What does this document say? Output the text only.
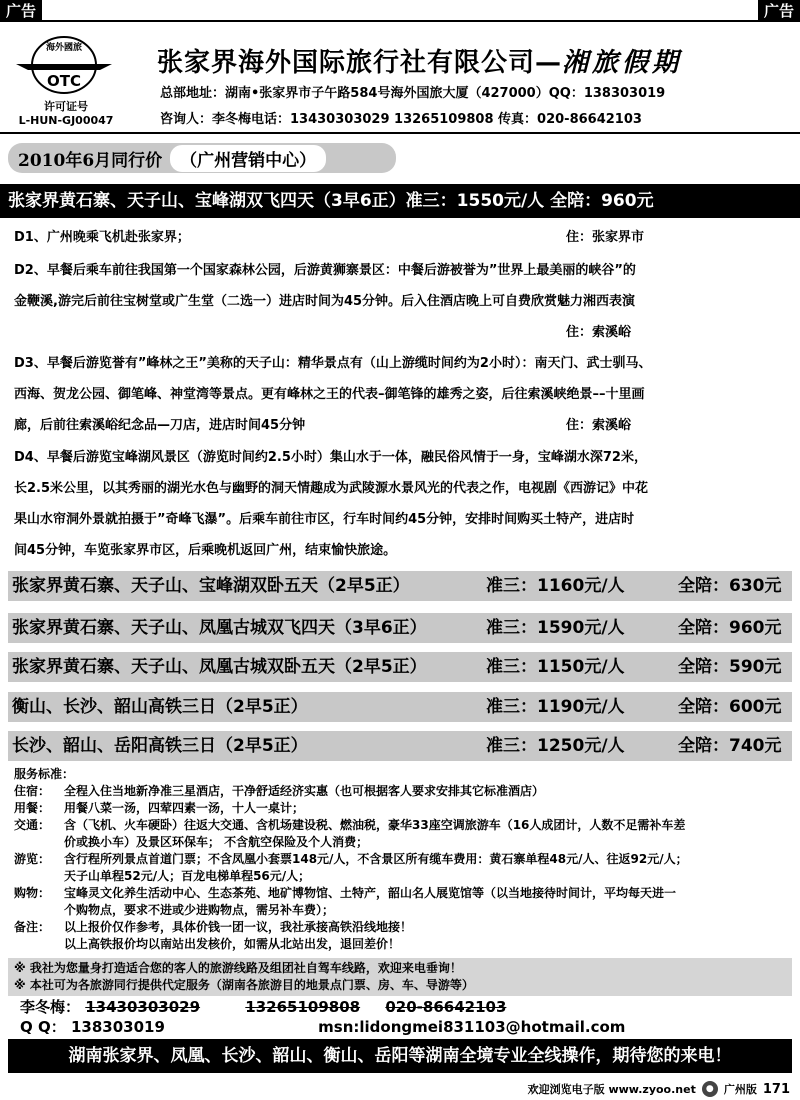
广告	广告
海外國旅
OTC
许可证号
L-HUN-GJ00047
张家界海外国际旅行社有限公司—湘旅假期
总部地址：湖南•张家界市子午路584号海外国旅大厦（427000）QQ：138303019
咨询人：李冬梅电话：13430303029 13265109808 传真：020-86642103
2010年6月同行价	（广州营销中心）
张家界黄石寨、天子山、宝峰湖双飞四天（3早6正）准三：1550元/人 全陪：960元
D1、广州晚乘飞机赴张家界；	住：张家界市
D2、早餐后乘车前往我国第一个国家森林公园，后游黄狮寨景区：中餐后游被誉为”世界上最美丽的峡谷”的
金鞭溪,游完后前往宝树堂或广生堂（二选一）进店时间为45分钟。后入住酒店晚上可自费欣赏魅力湘西表演
住：索溪峪
D3、早餐后游览誉有”峰林之王”美称的天子山：精华景点有（山上游缆时间约为2小时）：南天门、武士驯马、
西海、贺龙公园、御笔峰、神堂湾等景点。更有峰林之王的代表–御笔锋的雄秀之姿，后往索溪峡绝景––十里画
廊，后前往索溪峪纪念品—刀店，进店时间45分钟	住：索溪峪
D4、早餐后游览宝峰湖风景区（游览时间约2.5小时）集山水于一体，融民俗风情于一身，宝峰湖水深72米，
长2.5米公里，以其秀丽的湖光水色与幽野的洞天情趣成为武陵源水景风光的代表之作，电视剧《西游记》中花
果山水帘洞外景就拍摄于”奇峰飞瀑”。后乘车前往市区，行车时间约45分钟，安排时间购买土特产，进店时
间45分钟，车览张家界市区，后乘晚机返回广州，结束愉快旅途。
张家界黄石寨、天子山、宝峰湖双卧五天（2早5正）	准三：1160元/人	全陪：630元
张家界黄石寨、天子山、凤凰古城双飞四天（3早6正）	准三：1590元/人	全陪：960元
张家界黄石寨、天子山、凤凰古城双卧五天（2早5正）	准三：1150元/人	全陪：590元
衡山、长沙、韶山高铁三日（2早5正）	准三：1190元/人	全陪：600元
长沙、韶山、岳阳高铁三日（2早5正）	准三：1250元/人	全陪：740元
服务标准：
住宿： 全程入住当地新净准三星酒店，干净舒适经济实惠（也可根据客人要求安排其它标准酒店）
用餐： 用餐八菜一汤，四荤四素一汤，十人一桌计；
交通： 含（飞机、火车硬卧）往返大交通、含机场建设税、燃油税，豪华33座空调旅游车（16人成团计，人数不足需补车差
价或换小车）及景区环保车； 不含航空保险及个人消费；
游览： 含行程所列景点首道门票；不含凤凰小套票148元/人，不含景区所有缆车费用：黄石寨单程48元/人、往返92元/人；
天子山单程52元/人；百龙电梯单程56元/人；
购物： 宝峰灵文化养生活动中心、生态茶苑、地矿博物馆、土特产，韶山名人展览馆等（以当地接待时间计，平均每天进一
个购物点，要求不进或少进购物点，需另补车费）；
备注： 以上报价仅作参考，具体价钱一团一议，我社承接高铁沿线地接！
以上高铁报价均以南站出发核价，如需从北站出发，退回差价！
※ 我社为您量身打造适合您的客人的旅游线路及组团社自驾车线路，欢迎来电垂询！
※ 本社可为各旅游同行提供代定服务（湖南各旅游目的地景点门票、房、车、导游等）
李冬梅： 13430303029	13265109808 020-86642103
Q Q： 138303019	msn:lidongmei831103@hotmail.com
湖南张家界、凤凰、长沙、韶山、衡山、岳阳等湖南全境专业全线操作，期待您的来电！
欢迎浏览电子版 www.zyoo.net	● 广州版 171
